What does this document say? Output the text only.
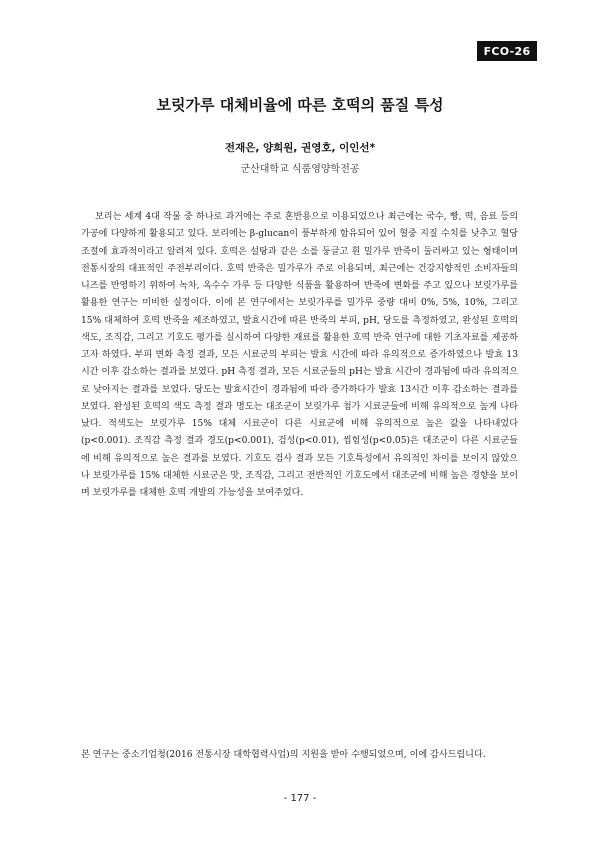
FCO-26
보릿가루 대체비율에 따른 호떡의 품질 특성
전재은, 양희원, 권영호, 이인선*
군산대학교 식품영양학전공

보리는 세계 4대 작물 중 하나로 과거에는 주로 혼반용으로 이용되었으나 최근에는 국수, 빵, 떡, 음료 등의 가공에 다양하게 활용되고 있다. 보리에는 β-glucan이 풍부하게 함유되어 있어 혈중 지질 수치를 낮추고 혈당조절에 효과적이라고 알려져 있다. 호떡은 설탕과 같은 소를 둥글고 흰 밀가루 반죽이 둘러싸고 있는 형태이며 전통시장의 대표적인 주전부리이다. 호떡 반죽은 밀가루가 주로 이용되며, 최근에는 건강지향적인 소비자들의 니즈를 반영하기 위하여 녹차, 옥수수 가루 등 다양한 식품을 활용하여 반죽에 변화를 주고 있으나 보릿가루를 활용한 연구는 미비한 실정이다. 이에 본 연구에서는 보릿가루를 밀가루 중량 대비 0%, 5%, 10%, 그리고 15% 대체하여 호떡 반죽을 제조하였고, 발효시간에 따른 반죽의 부피, pH, 당도를 측정하였고, 완성된 호떡의 색도, 조직감, 그리고 기호도 평가를 실시하여 다양한 재료를 활용한 호떡 반죽 연구에 대한 기초자료를 제공하고자 하였다. 부피 변화 측정 결과, 모든 시료군의 부피는 발효 시간에 따라 유의적으로 증가하였으나 발효 13시간 이후 감소하는 결과를 보였다. pH 측정 결과, 모든 시료군들의 pH는 발효 시간이 경과됨에 따라 유의적으로 낮아지는 결과를 보였다. 당도는 발효시간이 경과됨에 따라 증가하다가 발효 13시간 이후 감소하는 결과를 보였다. 완성된 호떡의 색도 측정 결과 명도는 대조군이 보릿가루 첨가 시료군들에 비해 유의적으로 높게 나타났다. 적색도는 보릿가루 15% 대체 시료군이 다른 시료군에 비해 유의적으로 높은 값을 나타내었다(p<0.001). 조직감 측정 결과 경도(p<0.001), 검성(p<0.01), 씹힘성(p<0.05)은 대조군이 다른 시료군들에 비해 유의적으로 높은 결과를 보였다. 기호도 검사 결과 모든 기호특성에서 유의적인 차이를 보이지 않았으나 보릿가루를 15% 대체한 시료군은 맛, 조직감, 그리고 전반적인 기호도에서 대조군에 비해 높은 경향을 보이며 보릿가루를 대체한 호떡 개발의 가능성을 보여주었다.

본 연구는 중소기업청(2016 전통시장 대학협력사업)의 지원을 받아 수행되었으며, 이에 감사드립니다.

- 177 -
